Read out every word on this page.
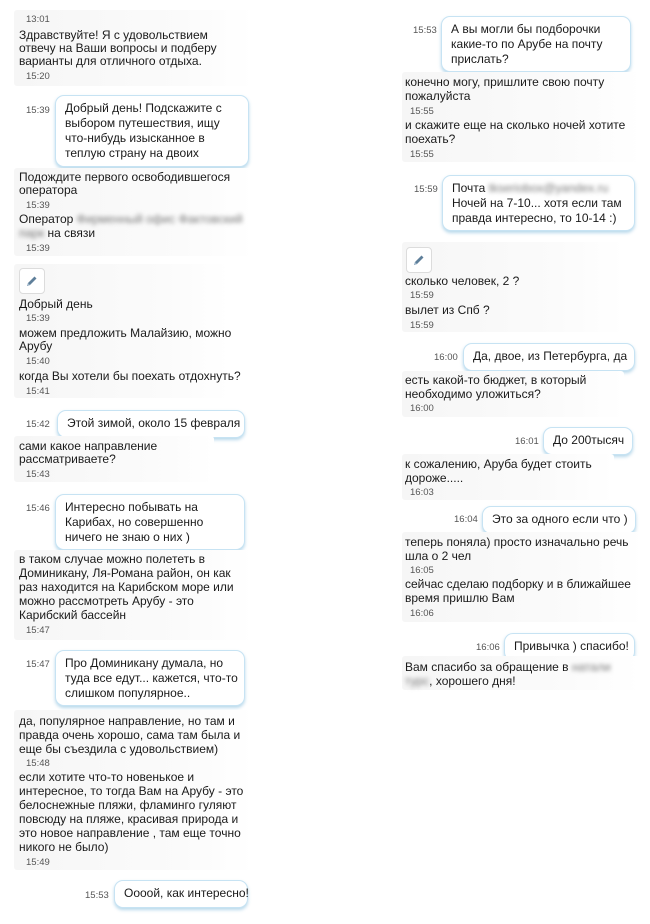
13:01
Здравствуйте! Я с удовольствием
отвечу на Ваши вопросы и подберу
варианты для отличного отдыха.
15:20
15:39 Добрый день! Подскажите с
выбором путешествия, ищу
что-нибудь изысканное в
теплую страну на двоих
Подождите первого освободившегося
оператора
15:39
Оператор Фирменный офис Фактовский
парк на связи
15:39
Добрый день
15:39
можем предложить Малайзию, можно
Арубу
15:40
когда Вы хотели бы поехать отдохнуть?
15:41
15:42 Этой зимой, около 15 февраля
сами какое направление
рассматриваете?
15:43
15:46 Интересно побывать на
Карибах, но совершенно
ничего не знаю о них )
в таком случае можно полететь в
Доминикану, Ля-Романа район, он как
раз находится на Карибском море или
можно рассмотреть Арубу - это
Карибский бассейн
15:47
15:47 Про Доминикану думала, но
туда все едут... кажется, что-то
слишком популярное..
да, популярное направление, но там и
правда очень хорошо, сама там была и
еще бы съездила с удовольствием)
15:48
если хотите что-то новенькое и
интересное, то тогда Вам на Арубу - это
белоснежные пляжи, фламинго гуляют
повсюду на пляже, красивая природа и
это новое направление , там еще точно
никого не было)
15:49
15:53 Оооой, как интересно!
15:53 А вы могли бы подборочки
какие-то по Арубе на почту
прислать?
конечно могу, пришлите свою почту
пожалуйста
15:55
и скажите еще на сколько ночей хотите
поехать?
15:55
15:59 Почта tkseriobox@yandex.ru
Ночей на 7-10... хотя если там
правда интересно, то 10-14 :)
сколько человек, 2 ?
15:59
вылет из Спб ?
15:59
16:00 Да, двое, из Петербурга, да
есть какой-то бюджет, в который
необходимо уложиться?
16:00
16:01 До 200тысяч
к сожалению, Аруба будет стоить
дороже.....
16:03
16:04 Это за одного если что )
теперь поняла) просто изначально речь
шла о 2 чел
16:05
сейчас сделаю подборку и в ближайшее
время пришлю Вам
16:06
16:06 Привычка ) спасибо!
Вам спасибо за обращение в натали
турс, хорошего дня!
